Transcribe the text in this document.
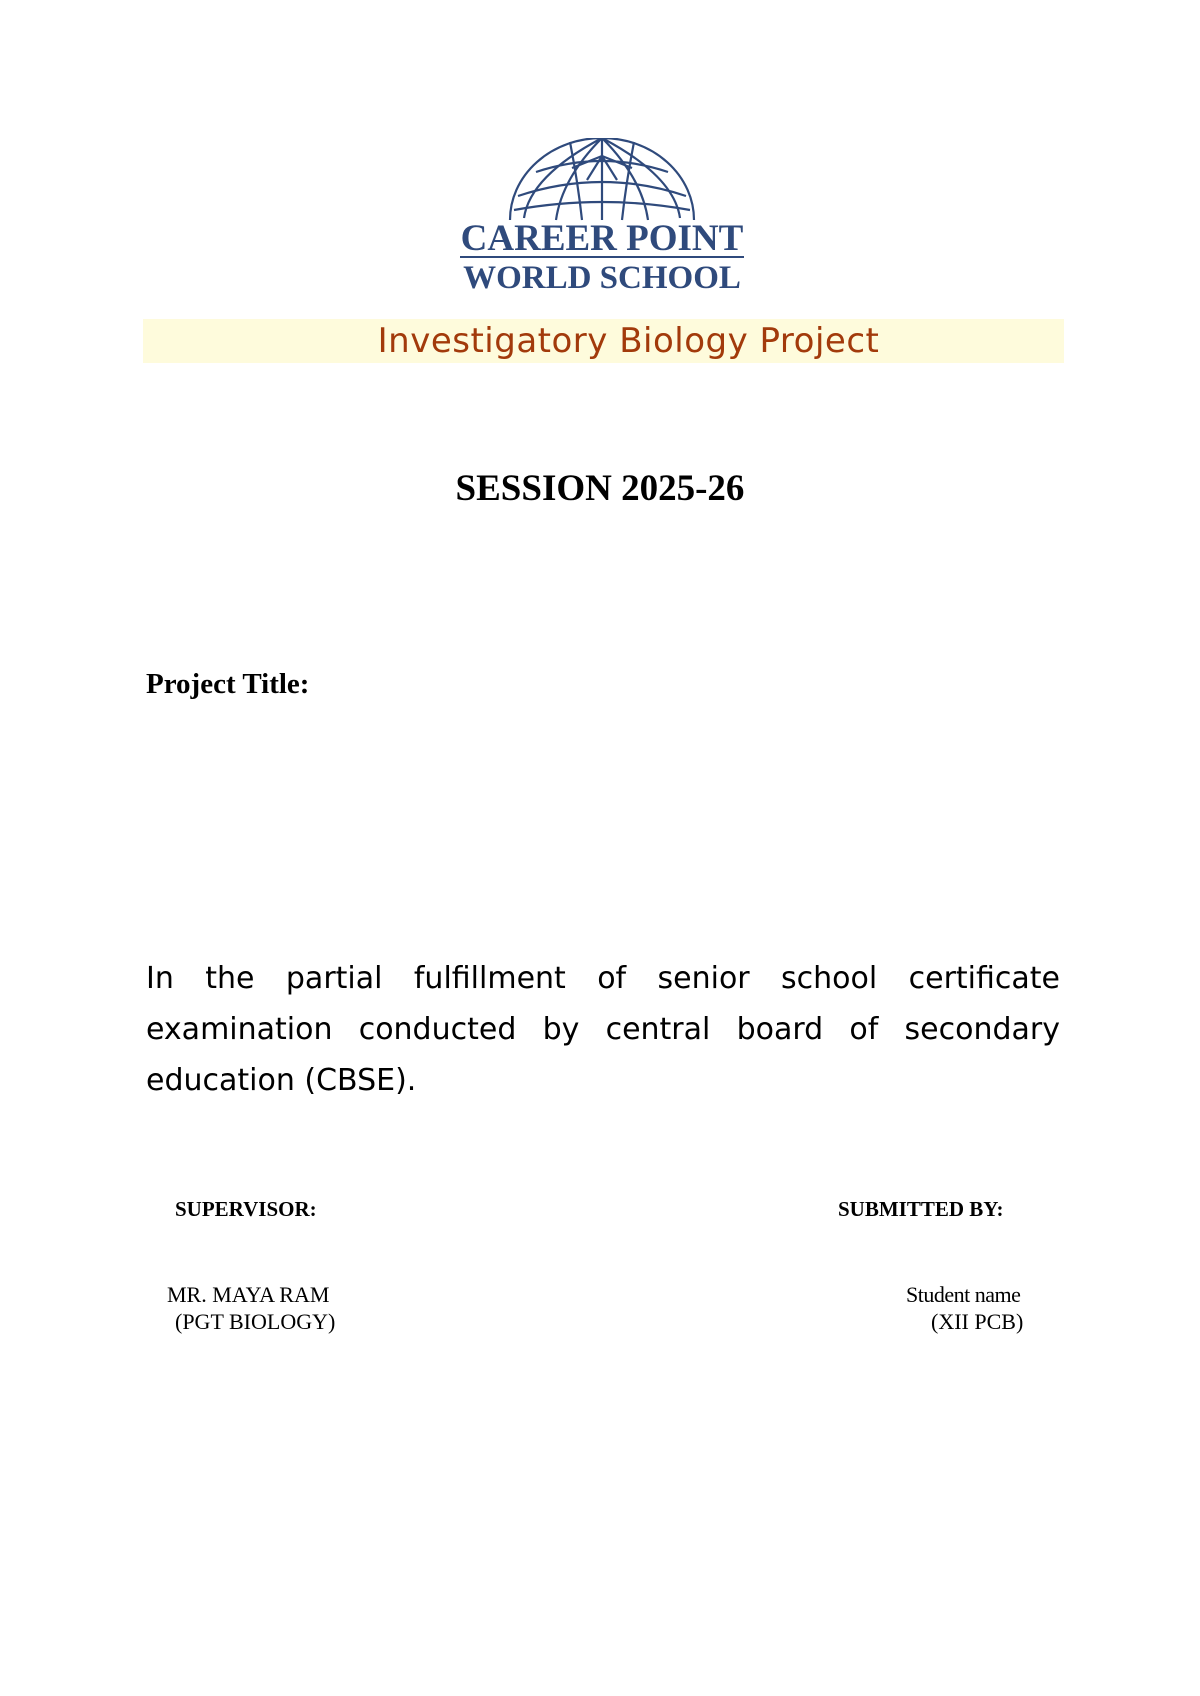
CAREER POINT
WORLD SCHOOL
Investigatory Biology Project
SESSION 2025-26
Project Title:
In the partial fulfillment of senior school certificate examination conducted by central board of secondary education (CBSE).
SUPERVISOR:
MR. MAYA RAM
(PGT BIOLOGY)
SUBMITTED BY:
Student name
(XII PCB)
